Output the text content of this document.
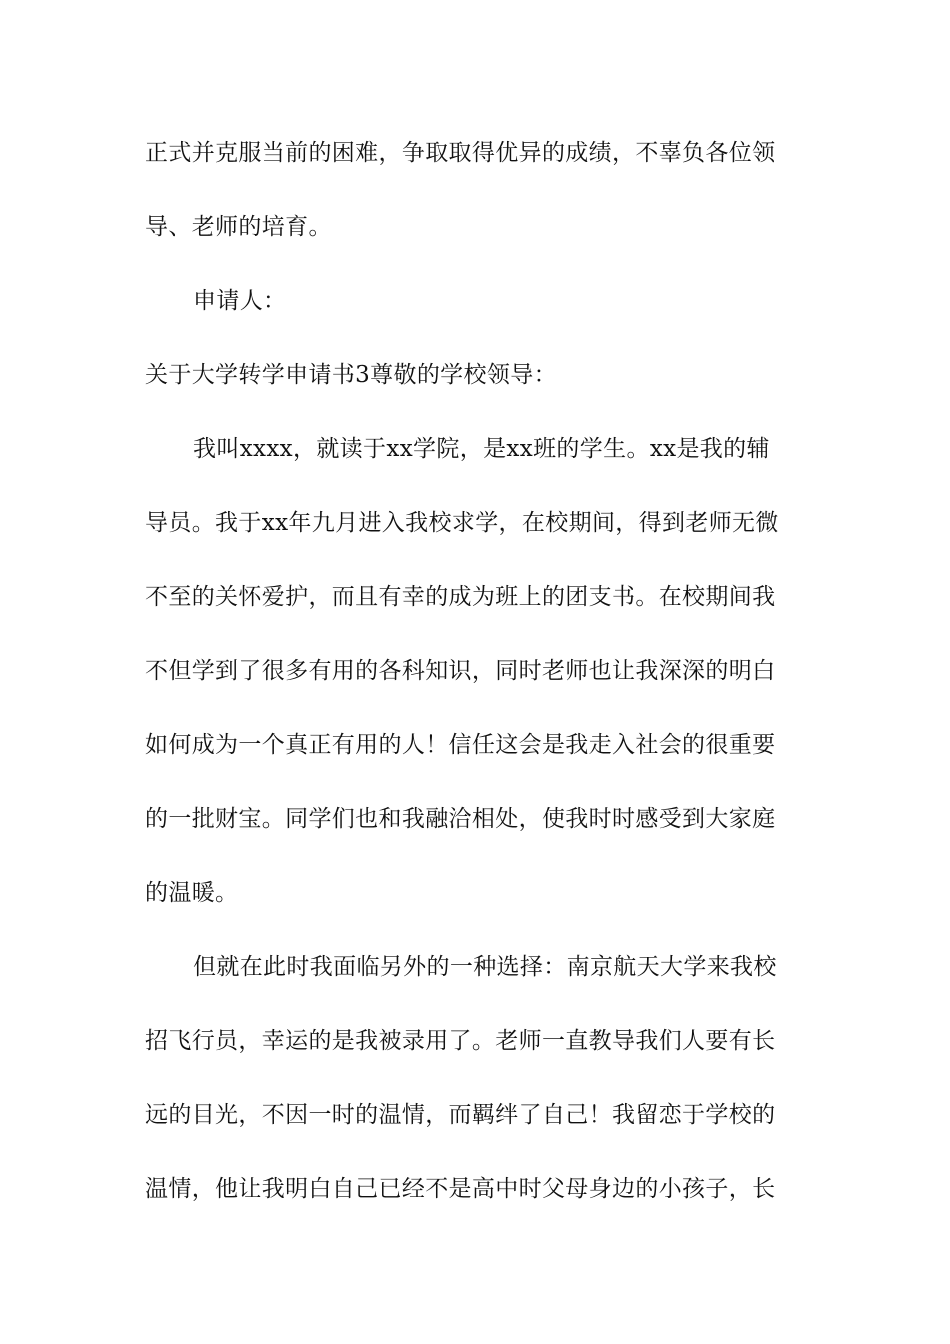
正式并克服当前的困难，争取取得优异的成绩，不辜负各位领
导、老师的培育。
申请人：
关于大学转学申请书3尊敬的学校领导：
我叫xxxx，就读于xx学院，是xx班的学生。xx是我的辅
导员。我于xx年九月进入我校求学，在校期间，得到老师无微
不至的关怀爱护，而且有幸的成为班上的团支书。在校期间我
不但学到了很多有用的各科知识，同时老师也让我深深的明白
如何成为一个真正有用的人！信任这会是我走入社会的很重要
的一批财宝。同学们也和我融洽相处，使我时时感受到大家庭
的温暖。
但就在此时我面临另外的一种选择：南京航天大学来我校
招飞行员，幸运的是我被录用了。老师一直教导我们人要有长
远的目光，不因一时的温情，而羁绊了自己！我留恋于学校的
温情，他让我明白自己已经不是高中时父母身边的小孩子，长
